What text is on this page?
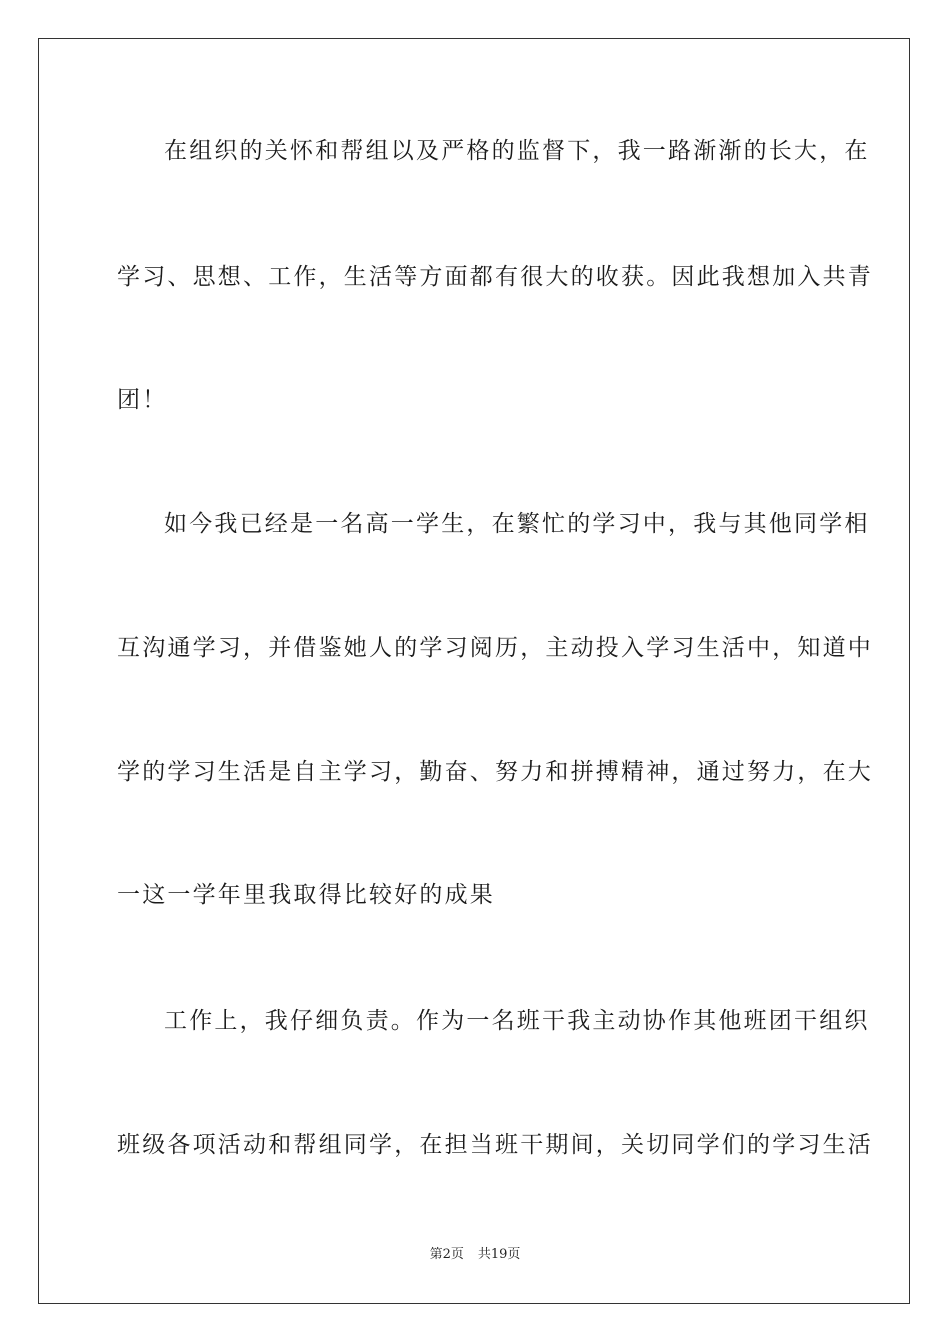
在组织的关怀和帮组以及严格的监督下，我一路渐渐的长大，在
学习、思想、工作，生活等方面都有很大的收获。因此我想加入共青
团！
如今我已经是一名高一学生，在繁忙的学习中，我与其他同学相
互沟通学习，并借鉴她人的学习阅历，主动投入学习生活中，知道中
学的学习生活是自主学习，勤奋、努力和拼搏精神，通过努力，在大
一这一学年里我取得比较好的成果
工作上，我仔细负责。作为一名班干我主动协作其他班团干组织
班级各项活动和帮组同学，在担当班干期间，关切同学们的学习生活
第2页 共19页
